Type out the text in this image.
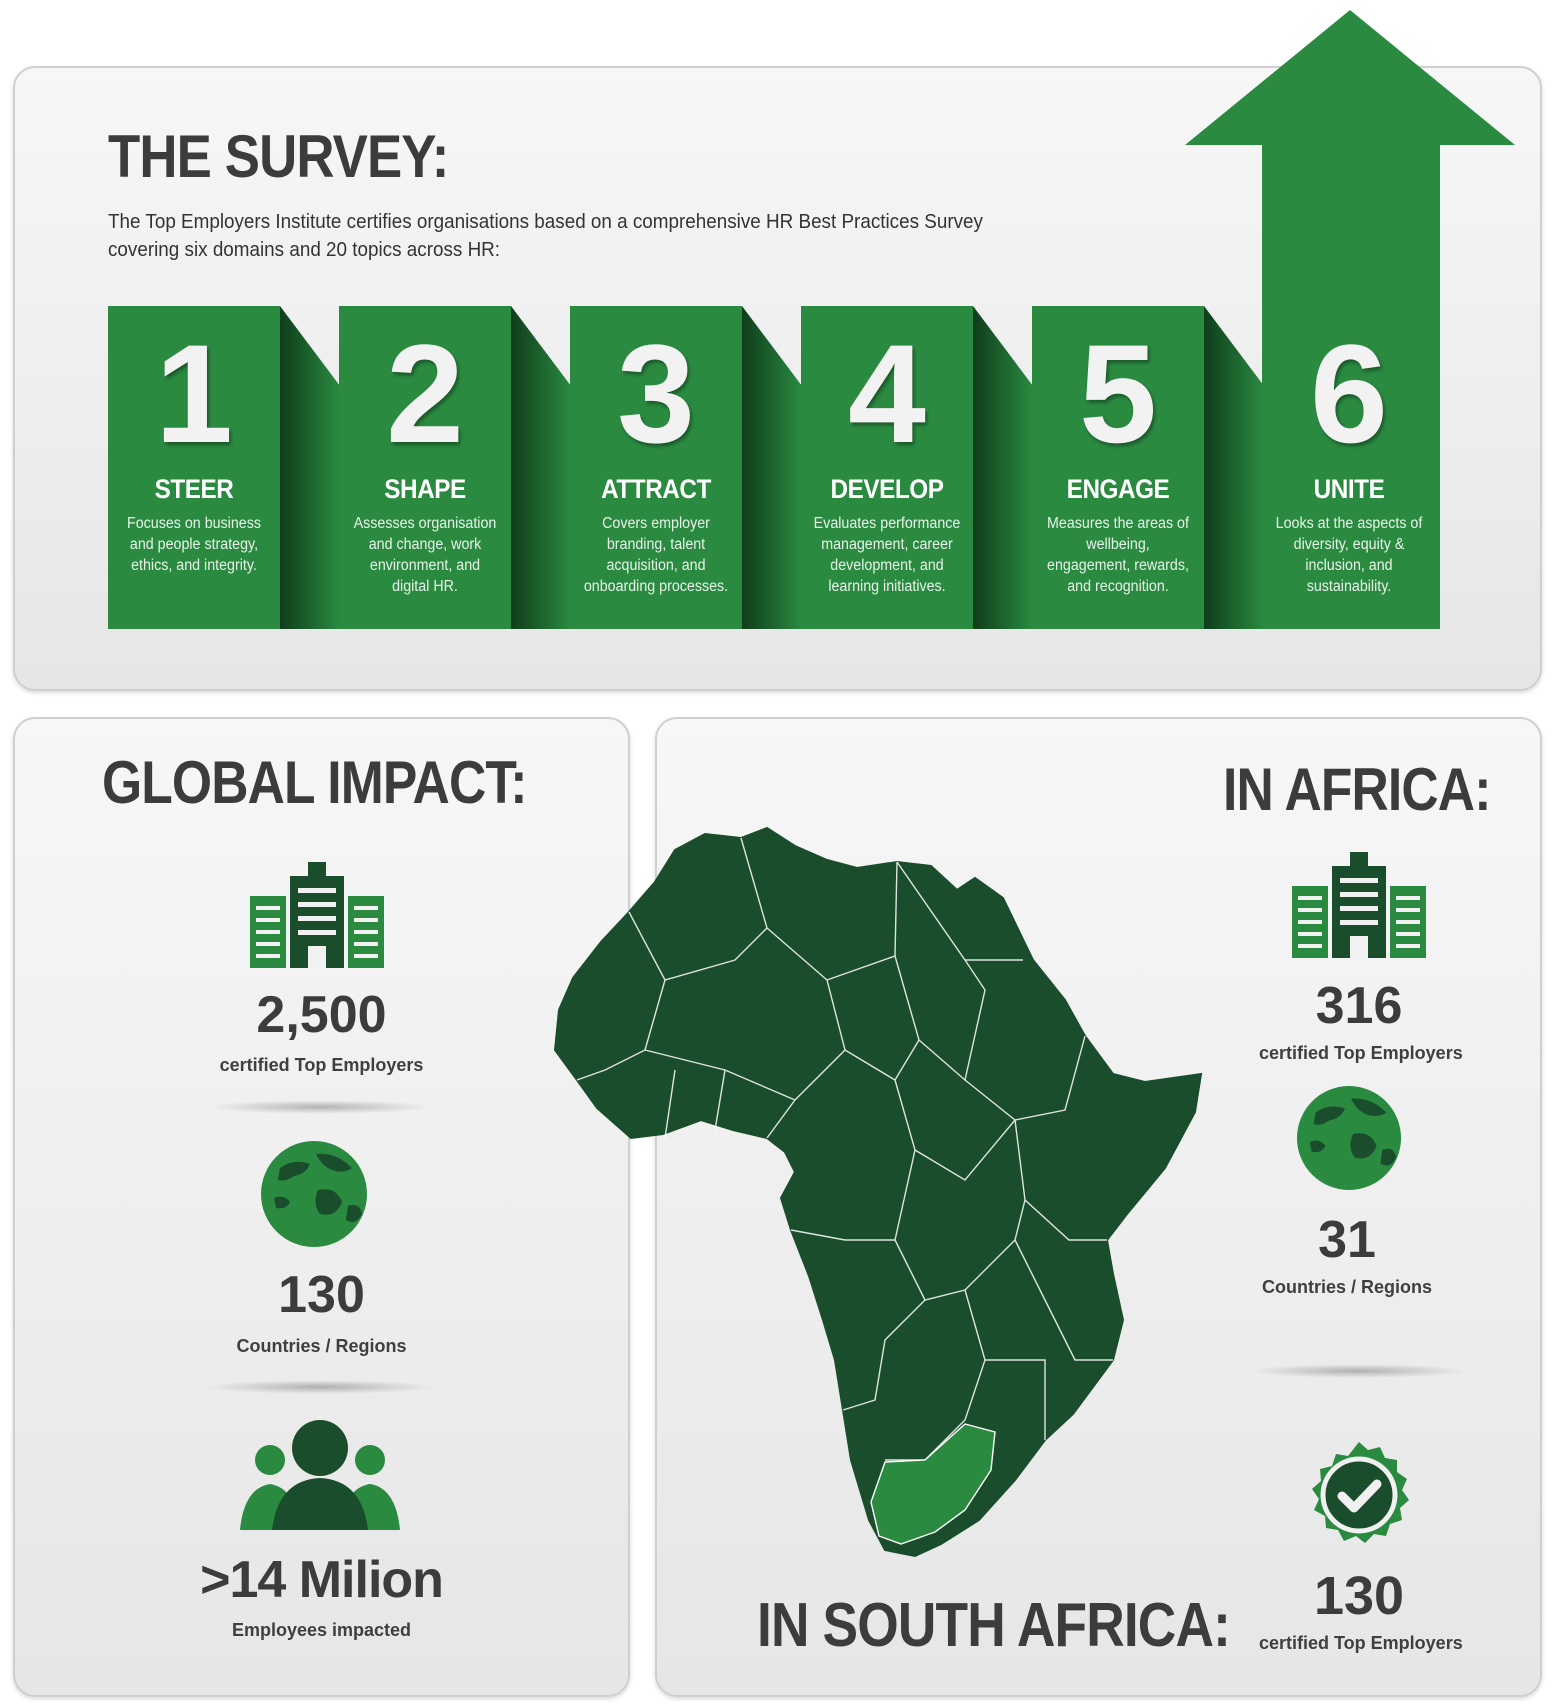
THE SURVEY:
The Top Employers Institute certifies organisations based on a comprehensive HR Best Practices Survey
covering six domains and 20 topics across HR:
1
STEER
Focuses on business and people strategy, ethics, and integrity.
2
SHAPE
Assesses organisation and change, work environment, and digital HR.
3
ATTRACT
Covers employer branding, talent acquisition, and onboarding processes.
4
DEVELOP
Evaluates performance management, career development, and learning initiatives.
5
ENGAGE
Measures the areas of wellbeing, engagement, rewards, and recognition.
6
UNITE
Looks at the aspects of diversity, equity & inclusion, and sustainability.
GLOBAL IMPACT:
2,500
certified Top Employers
130
Countries / Regions
>14 Milion
Employees impacted
IN AFRICA:
316
certified Top Employers
31
Countries / Regions
130
certified Top Employers
IN SOUTH AFRICA:
